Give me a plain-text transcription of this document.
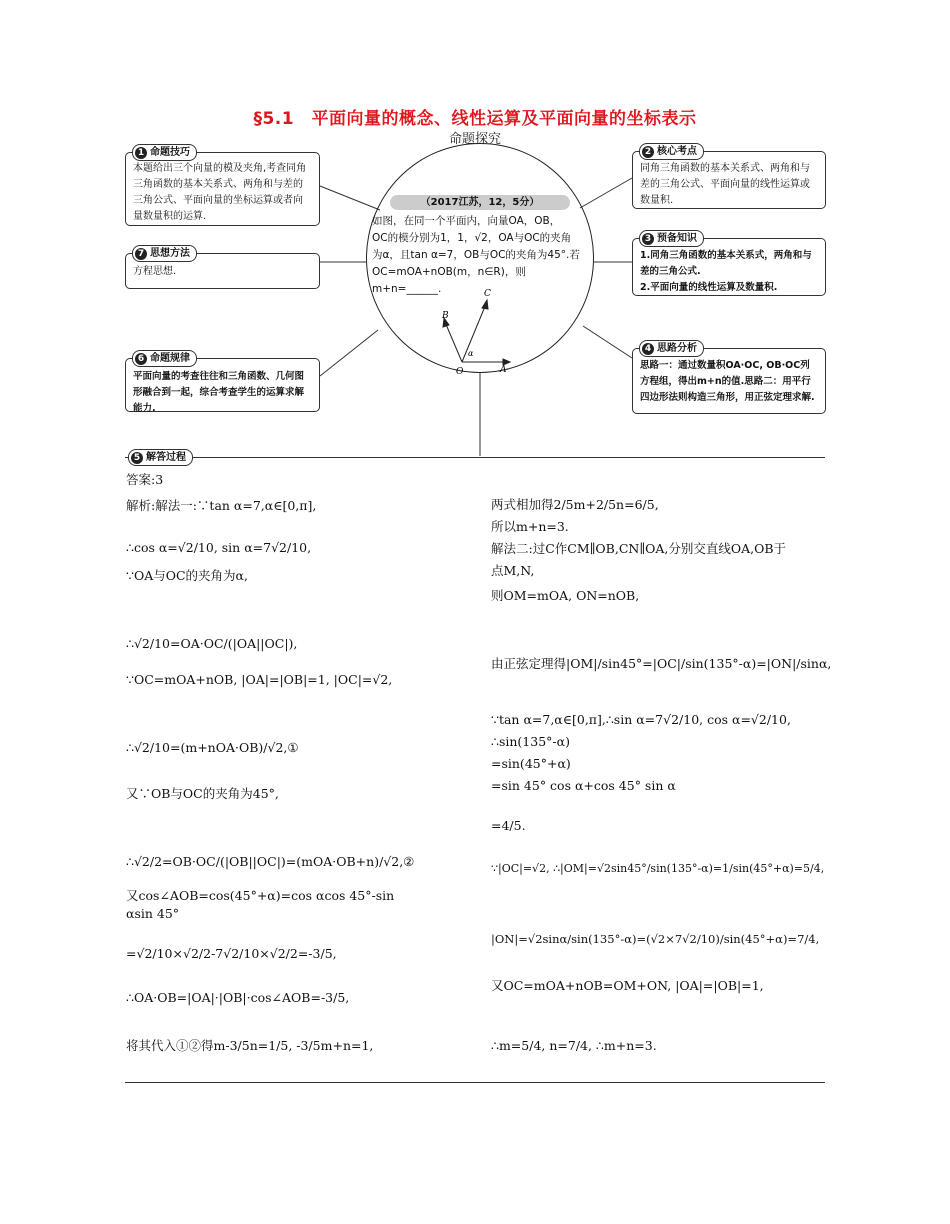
§5.1　平面向量的概念、线性运算及平面向量的坐标表示
命题探究
1 命题技巧
本题给出三个向量的模及夹角,考查同角三角函数的基本关系式、两角和与差的三角公式、平面向量的坐标运算或者向量数量积的运算.
7 思想方法
方程思想.
6 命题规律
平面向量的考查往往和三角函数、几何图形融合到一起，综合考查学生的运算求解能力.
2 核心考点
同角三角函数的基本关系式、两角和与差的三角公式、平面向量的线性运算或数量积.
3 预备知识
1.同角三角函数的基本关系式，两角和与差的三角公式.
2.平面向量的线性运算及数量积.
4 思路分析
思路一：通过数量积OA·OC, OB·OC列方程组，得出m+n的值.思路二：用平行四边形法则构造三角形，用正弦定理求解.
（2017江苏，12，5分）
如图，在同一个平面内，向量OA，OB，
OC的模分别为1，1，√2，OA与OC的夹角
为α，且tan α=7，OB与OC的夹角为45°.若
OC=mOA+nOB(m，n∈R)，则m+n=______.	C
B
O	A
α
5 解答过程
答案:3
解析:解法一:∵tan α=7,α∈[0,π],
∴cos α=√2/10, sin α=7√2/10,
∵OA与OC的夹角为α,
∴√2/10=OA·OC/(|OA||OC|),
∵OC=mOA+nOB, |OA|=|OB|=1, |OC|=√2,
∴√2/10=(m+nOA·OB)/√2,①
又∵OB与OC的夹角为45°,
∴√2/2=OB·OC/(|OB||OC|)=(mOA·OB+n)/√2,②
又cos∠AOB=cos(45°+α)=cos αcos 45°-sin
αsin 45°
=√2/10×√2/2-7√2/10×√2/2=-3/5,
∴OA·OB=|OA|·|OB|·cos∠AOB=-3/5,
将其代入①②得m-3/5n=1/5, -3/5m+n=1,
两式相加得2/5m+2/5n=6/5,
所以m+n=3.
解法二:过C作CM∥OB,CN∥OA,分别交直线OA,OB于
点M,N,
则OM=mOA, ON=nOB,
由正弦定理得|OM|/sin45°=|OC|/sin(135°-α)=|ON|/sinα,
∵tan α=7,α∈[0,π],∴sin α=7√2/10, cos α=√2/10,
∴sin(135°-α)
=sin(45°+α)
=sin 45° cos α+cos 45° sin α
=4/5.
∵|OC|=√2, ∴|OM|=√2sin45°/sin(135°-α)=1/sin(45°+α)=5/4,
|ON|=√2sinα/sin(135°-α)=(√2×7√2/10)/sin(45°+α)=7/4,
又OC=mOA+nOB=OM+ON, |OA|=|OB|=1,
∴m=5/4, n=7/4, ∴m+n=3.
